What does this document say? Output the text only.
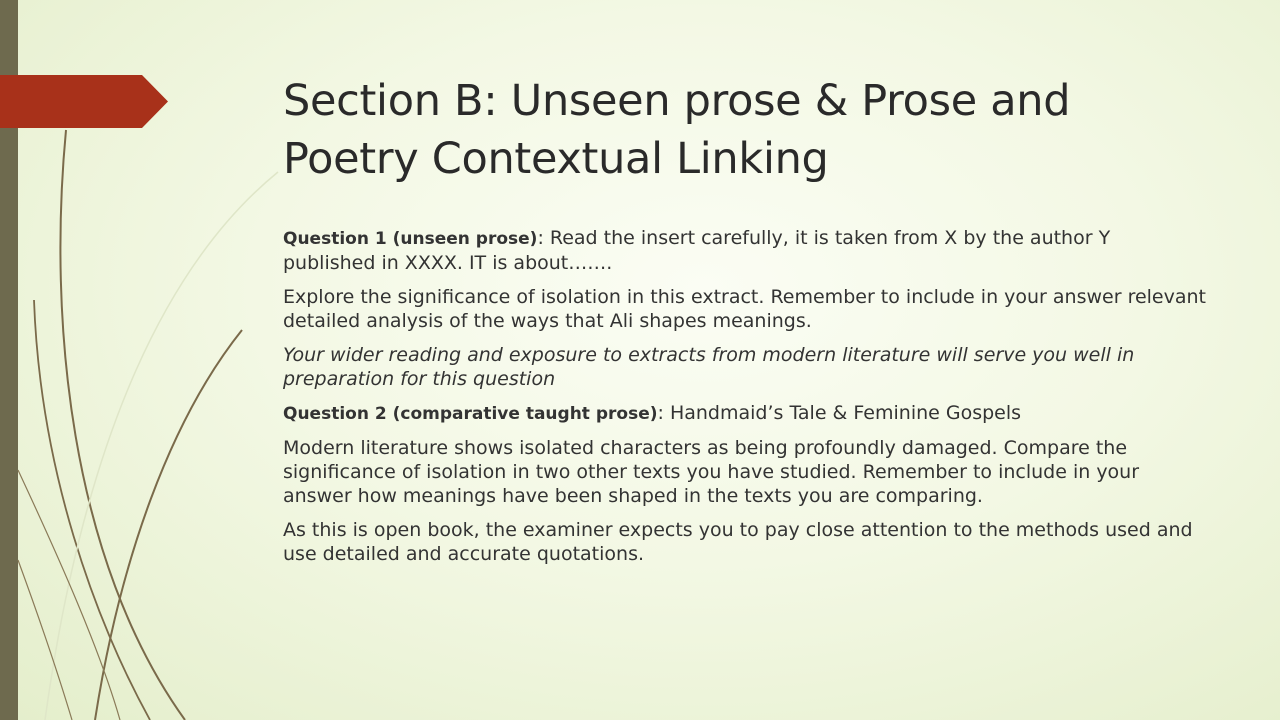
Section B: Unseen prose & Prose and
Poetry Contextual Linking

Question 1 (unseen prose): Read the insert carefully, it is taken from X by the author Y published in XXXX. IT is about…….

Explore the significance of isolation in this extract. Remember to include in your answer relevant detailed analysis of the ways that Ali shapes meanings.

Your wider reading and exposure to extracts from modern literature will serve you well in preparation for this question

Question 2 (comparative taught prose): Handmaid’s Tale & Feminine Gospels

Modern literature shows isolated characters as being profoundly damaged. Compare the significance of isolation in two other texts you have studied. Remember to include in your answer how meanings have been shaped in the texts you are comparing.

As this is open book, the examiner expects you to pay close attention to the methods used and use detailed and accurate quotations.
